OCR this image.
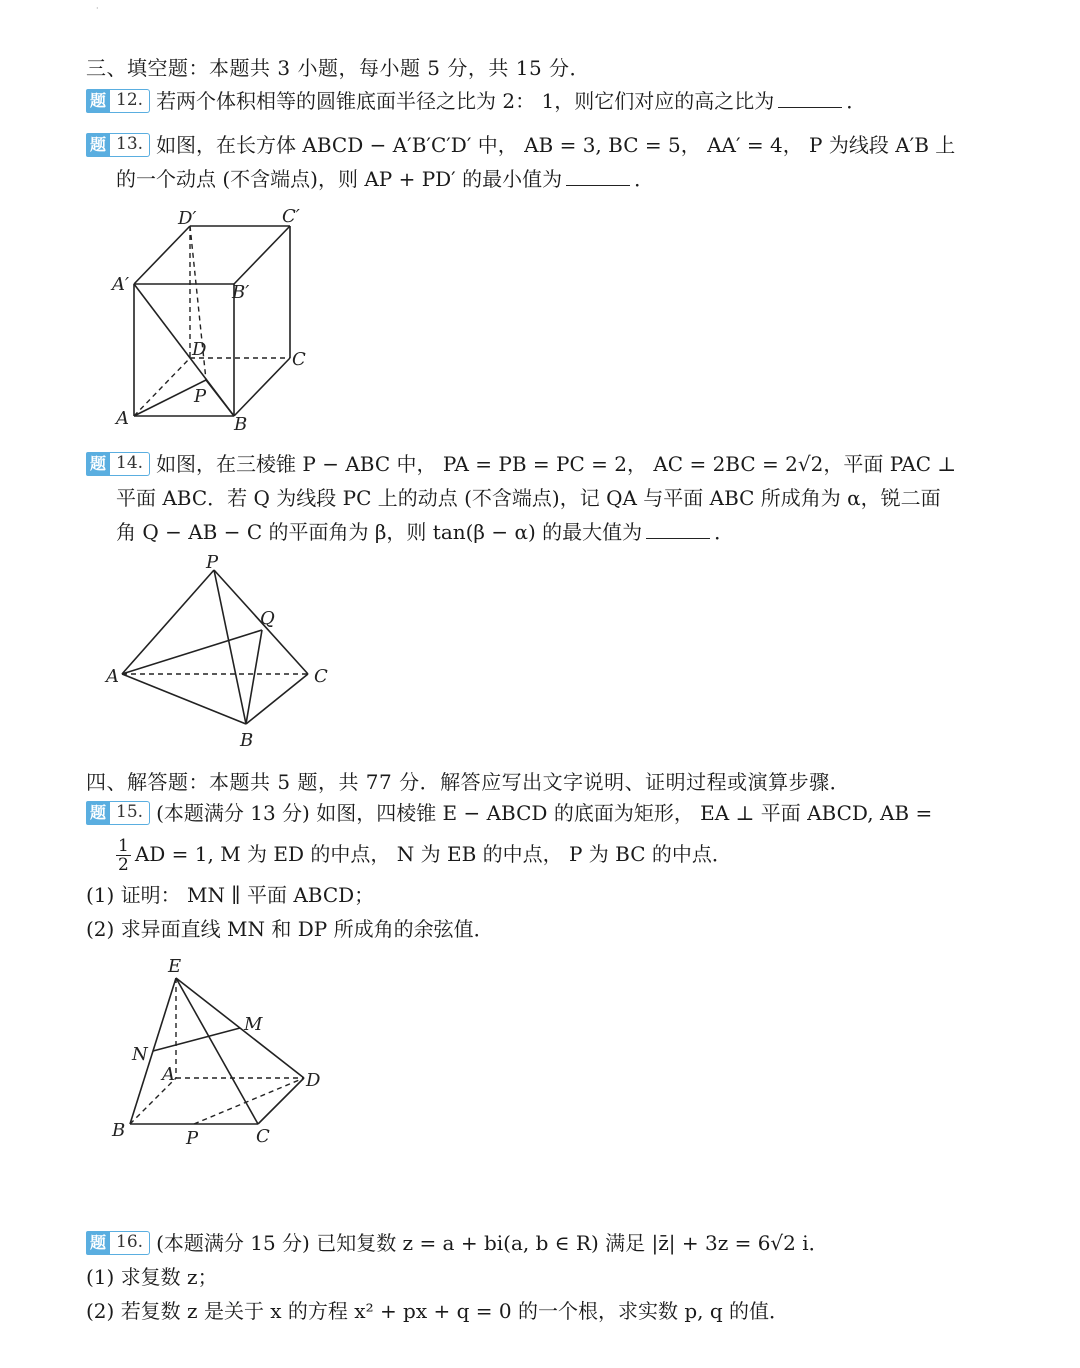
·
三、填空题：本题共 3 小题，每小题 5 分，共 15 分．
题 12. 若两个体积相等的圆锥底面半径之比为 2： 1，则它们对应的高之比为	．
题 13. 如图，在长方体 ABCD − A′B′C′D′ 中， AB = 3, BC = 5， AA′ = 4， P 为线段 A′B 上
的一个动点 (不含端点)，则 AP + PD′ 的最小值为	．
D′	C′
A′	B′
D	C
A	B
P
题 14. 如图，在三棱锥 P − ABC 中， PA = PB = PC = 2， AC = 2BC = 2√2，平面 PAC ⊥
平面 ABC．若 Q 为线段 PC 上的动点 (不含端点)，记 QA 与平面 ABC 所成角为 α，锐二面
角 Q − AB − C 的平面角为 β，则 tan(β − α) 的最大值为	．
P
Q
A	C
B
四、解答题：本题共 5 题，共 77 分．解答应写出文字说明、证明过程或演算步骤．
题 15. (本题满分 13 分) 如图，四棱锥 E − ABCD 的底面为矩形， EA ⊥ 平面 ABCD, AB =
$\frac{1}{2}$ AD = 1, M 为 ED 的中点， N 为 EB 的中点， P 为 BC 的中点．
(1) 证明： MN ∥ 平面 ABCD；
(2) 求异面直线 MN 和 DP 所成角的余弦值．
E
M
N
A	D
B	P	C
题 16. (本题满分 15 分) 已知复数 z = a + bi(a, b ∈ R) 满足 |z̄| + 3z = 6√2 i．
(1) 求复数 z；
(2) 若复数 z 是关于 x 的方程 x² + px + q = 0 的一个根，求实数 p, q 的值．
